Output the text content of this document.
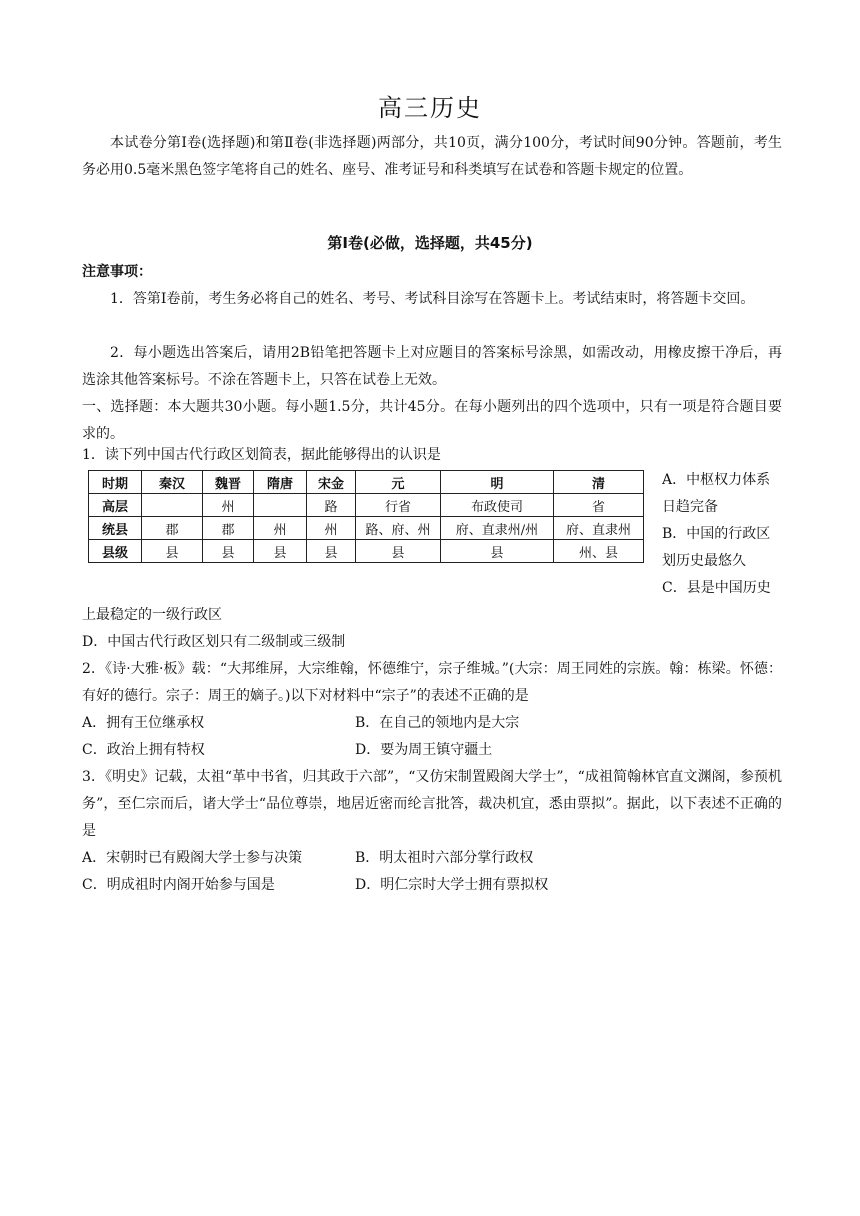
高三历史
本试卷分第Ⅰ卷(选择题)和第Ⅱ卷(非选择题)两部分，共10页，满分100分，考试时间90分钟。答题前，考生务必用0.5毫米黑色签字笔将自己的姓名、座号、准考证号和科类填写在试卷和答题卡规定的位置。
第Ⅰ卷(必做，选择题，共45分)
注意事项：
1．答第Ⅰ卷前，考生务必将自己的姓名、考号、考试科目涂写在答题卡上。考试结束时，将答题卡交回。
2．每小题选出答案后，请用2B铅笔把答题卡上对应题目的答案标号涂黑，如需改动，用橡皮擦干净后，再选涂其他答案标号。不涂在答题卡上，只答在试卷上无效。
一、选择题：本大题共30小题。每小题1.5分，共计45分。在每小题列出的四个选项中，只有一项是符合题目要求的。
1．读下列中国古代行政区划简表，据此能够得出的认识是
时期	秦汉	魏晋	隋唐	宋金	元	明	清
高层		州		路	行省	布政使司	省
统县	郡	郡	州	州	路、府、州	府、直隶州/州	府、直隶州
县级	县	县	县	县	县	县	州、县
A．中枢权力体系
日趋完备
B．中国的行政区
划历史最悠久
C．县是中国历史
上最稳定的一级行政区
D．中国古代行政区划只有二级制或三级制
2．《诗·大雅·板》载：“大邦维屏，大宗维翰，怀德维宁，宗子维城。”(大宗：周王同姓的宗族。翰：栋梁。怀德：有好的德行。宗子：周王的嫡子。)以下对材料中“宗子”的表述不正确的是
A．拥有王位继承权	B．在自己的领地内是大宗
C．政治上拥有特权	D．要为周王镇守疆土
3．《明史》记载，太祖“革中书省，归其政于六部”，“又仿宋制置殿阁大学士”，“成祖简翰林官直文渊阁，参预机务”，至仁宗而后，诸大学士“品位尊崇，地居近密而纶言批答，裁决机宜，悉由票拟”。据此，以下表述不正确的是
A．宋朝时已有殿阁大学士参与决策	B．明太祖时六部分掌行政权
C．明成祖时内阁开始参与国是	D．明仁宗时大学士拥有票拟权
